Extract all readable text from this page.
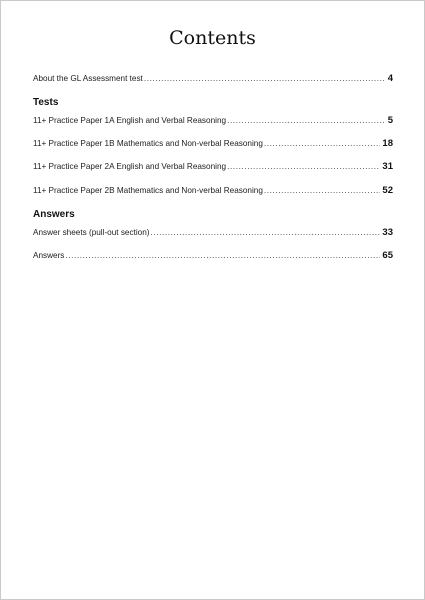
Contents
About the GL Assessment test .....	4
Tests
11+ Practice Paper 1A English and Verbal Reasoning .....	5
11+ Practice Paper 1B Mathematics and Non-verbal Reasoning .....	18
11+ Practice Paper 2A English and Verbal Reasoning .....	31
11+ Practice Paper 2B Mathematics and Non-verbal Reasoning .....	52
Answers
Answer sheets (pull-out section) .....	33
Answers .....	65
